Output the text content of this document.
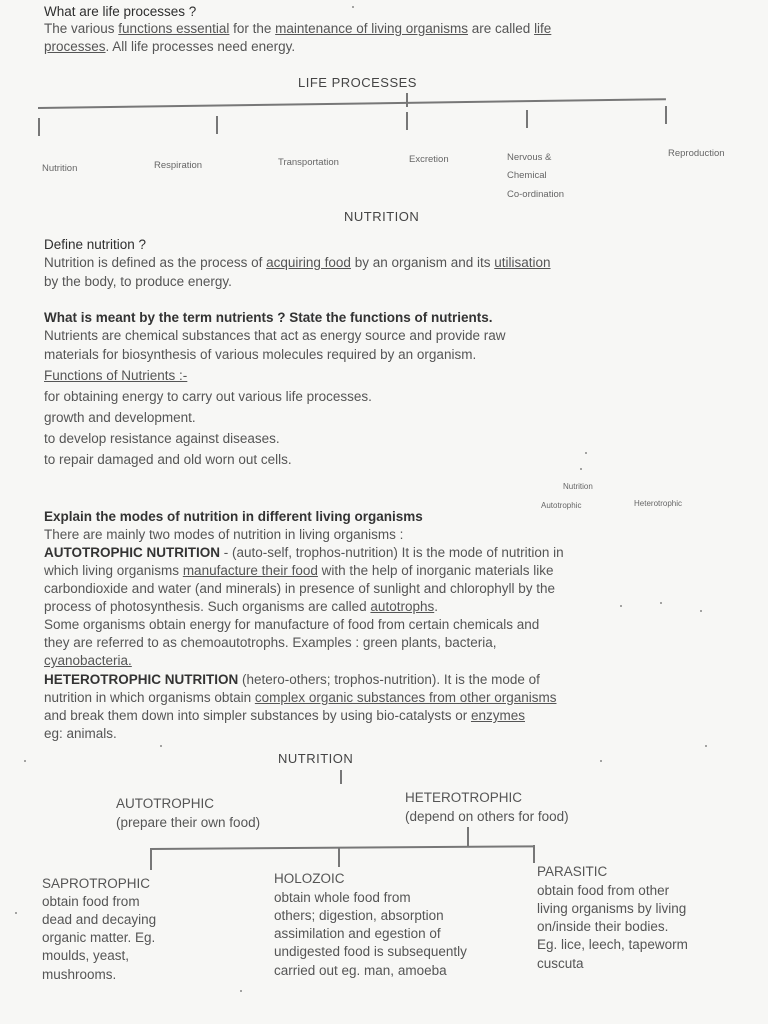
What are life processes ?
The various functions essential for the maintenance of living organisms are called life
processes. All life processes need energy.
LIFE PROCESSES
Nutrition	Respiration	Transportation	Excretion	Nervous &
Chemical
Co-ordination
Reproduction
NUTRITION
Define nutrition ?
Nutrition is defined as the process of acquiring food by an organism and its utilisation
by the body, to produce energy.
What is meant by the term nutrients ? State the functions of nutrients.
Nutrients are chemical substances that act as energy source and provide raw
materials for biosynthesis of various molecules required by an organism.
Functions of Nutrients :-
for obtaining energy to carry out various life processes.
growth and development.
to develop resistance against diseases.
to repair damaged and old worn out cells.
Nutrition
Autotrophic	Heterotrophic
Explain the modes of nutrition in different living organisms
There are mainly two modes of nutrition in living organisms :
AUTOTROPHIC NUTRITION - (auto-self, trophos-nutrition) It is the mode of nutrition in
which living organisms manufacture their food with the help of inorganic materials like
carbondioxide and water (and minerals) in presence of sunlight and chlorophyll by the
process of photosynthesis. Such organisms are called autotrophs.
Some organisms obtain energy for manufacture of food from certain chemicals and
they are referred to as chemoautotrophs. Examples : green plants, bacteria,
cyanobacteria.
HETEROTROPHIC NUTRITION (hetero-others; trophos-nutrition). It is the mode of
nutrition in which organisms obtain complex organic substances from other organisms
and break them down into simpler substances by using bio-catalysts or enzymes
eg: animals.
NUTRITION
AUTOTROPHIC
(prepare their own food)
HETEROTROPHIC
(depend on others for food)
SAPROTROPHIC
obtain food from
dead and decaying
organic matter. Eg.
moulds, yeast,
mushrooms.
HOLOZOIC
obtain whole food from
others; digestion, absorption
assimilation and egestion of
undigested food is subsequently
carried out eg. man, amoeba
PARASITIC
obtain food from other
living organisms by living
on/inside their bodies.
Eg. lice, leech, tapeworm
cuscuta
